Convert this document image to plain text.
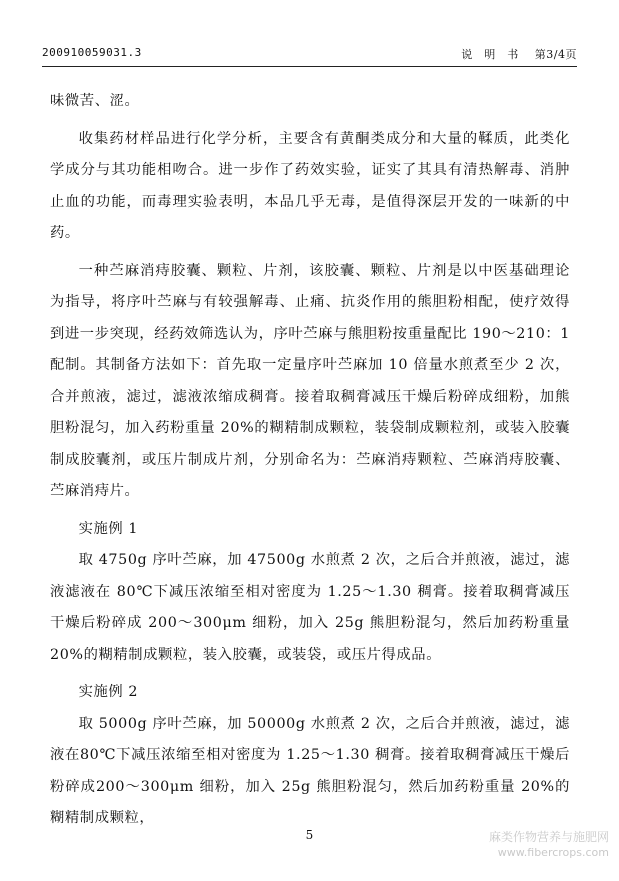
200910059031.3	说　明　书 第3/4页

味微苦、涩。

收集药材样品进行化学分析，主要含有黄酮类成分和大量的鞣质，此类化学成分与其功能相吻合。进一步作了药效实验，证实了其具有清热解毒、消肿止血的功能，而毒理实验表明，本品几乎无毒，是值得深层开发的一味新的中药。

一种苎麻消痔胶囊、颗粒、片剂，该胶囊、颗粒、片剂是以中医基础理论为指导，将序叶苎麻与有较强解毒、止痛、抗炎作用的熊胆粉相配，使疗效得到进一步突现，经药效筛选认为，序叶苎麻与熊胆粉按重量配比 190～210：1配制。其制备方法如下：首先取一定量序叶苎麻加 10 倍量水煎煮至少 2 次，合并煎液，滤过，滤液浓缩成稠膏。接着取稠膏减压干燥后粉碎成细粉，加熊胆粉混匀，加入药粉重量 20%的糊精制成颗粒，装袋制成颗粒剂，或装入胶囊制成胶囊剂，或压片制成片剂，分别命名为：苎麻消痔颗粒、苎麻消痔胶囊、苎麻消痔片。

实施例 1

取 4750g 序叶苎麻，加 47500g 水煎煮 2 次，之后合并煎液，滤过，滤液滤液在 80℃下减压浓缩至相对密度为 1.25～1.30 稠膏。接着取稠膏减压干燥后粉碎成 200～300μm 细粉，加入 25g 熊胆粉混匀，然后加药粉重量 20%的糊精制成颗粒，装入胶囊，或装袋，或压片得成品。

实施例 2

取 5000g 序叶苎麻，加 50000g 水煎煮 2 次，之后合并煎液，滤过，滤液在80℃下减压浓缩至相对密度为 1.25～1.30 稠膏。接着取稠膏减压干燥后粉碎成200～300μm 细粉，加入 25g 熊胆粉混匀，然后加药粉重量 20%的糊精制成颗粒，

5	麻类作物营养与施肥网
www.fibercrops.com
